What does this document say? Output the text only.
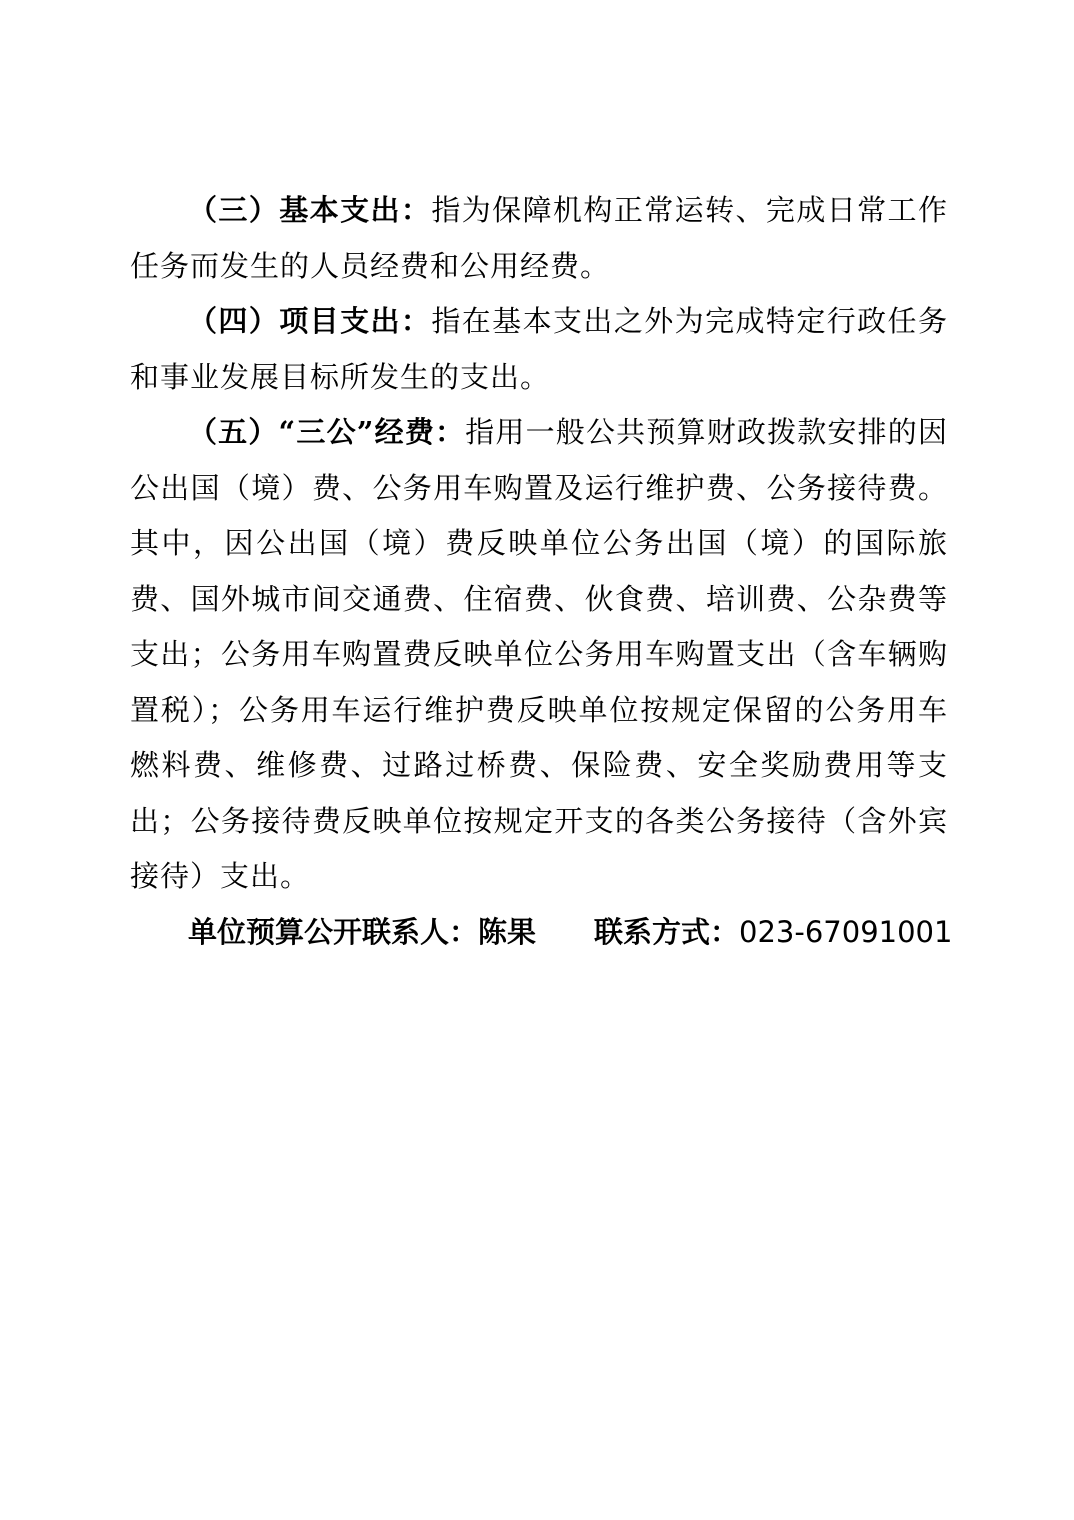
（三）基本支出：指为保障机构正常运转、完成日常工作任务而发生的人员经费和公用经费。

（四）项目支出：指在基本支出之外为完成特定行政任务和事业发展目标所发生的支出。

（五）“三公”经费：指用一般公共预算财政拨款安排的因公出国（境）费、公务用车购置及运行维护费、公务接待费。其中，因公出国（境）费反映单位公务出国（境）的国际旅费、国外城市间交通费、住宿费、伙食费、培训费、公杂费等支出；公务用车购置费反映单位公务用车购置支出（含车辆购置税）；公务用车运行维护费反映单位按规定保留的公务用车燃料费、维修费、过路过桥费、保险费、安全奖励费用等支出；公务接待费反映单位按规定开支的各类公务接待（含外宾接待）支出。

单位预算公开联系人：陈果 联系方式：023-67091001
